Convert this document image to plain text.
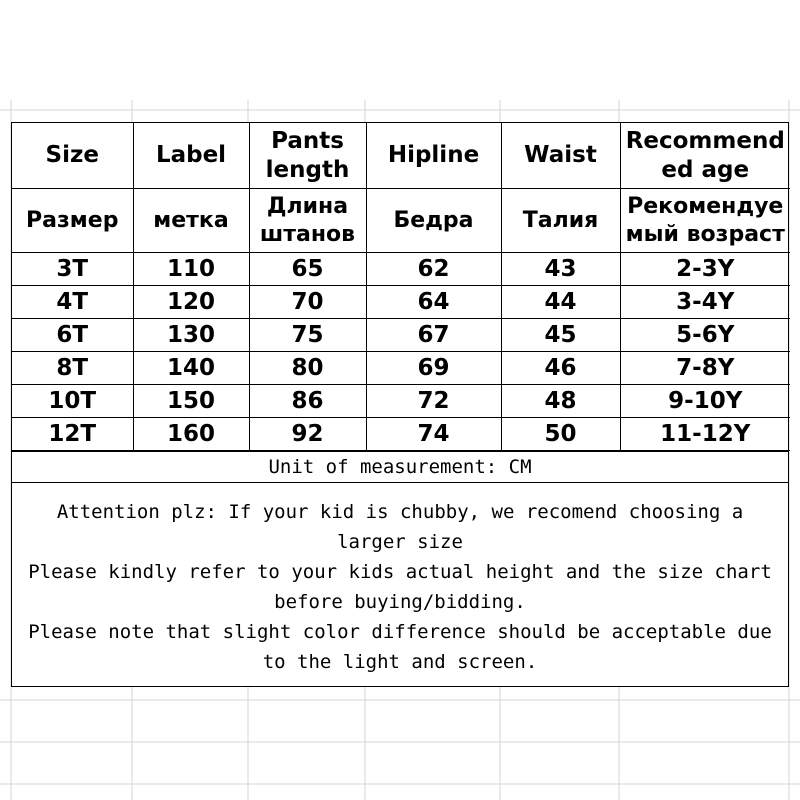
Size	Label	Pants length	Hipline	Waist	Recommend ed age
Размер	метка	Длина штанов	Бедра	Талия	Рекомендуе мый возраст
3T	110	65	62	43	2-3Y
4T	120	70	64	44	3-4Y
6T	130	75	67	45	5-6Y
8T	140	80	69	46	7-8Y
10T	150	86	72	48	9-10Y
12T	160	92	74	50	11-12Y
Unit of measurement: CM
Attention plz: If your kid is chubby, we recomend choosing a larger size
Please kindly refer to your kids actual height and the size chart before buying/bidding.
Please note that slight color difference should be acceptable due to the light and screen.
